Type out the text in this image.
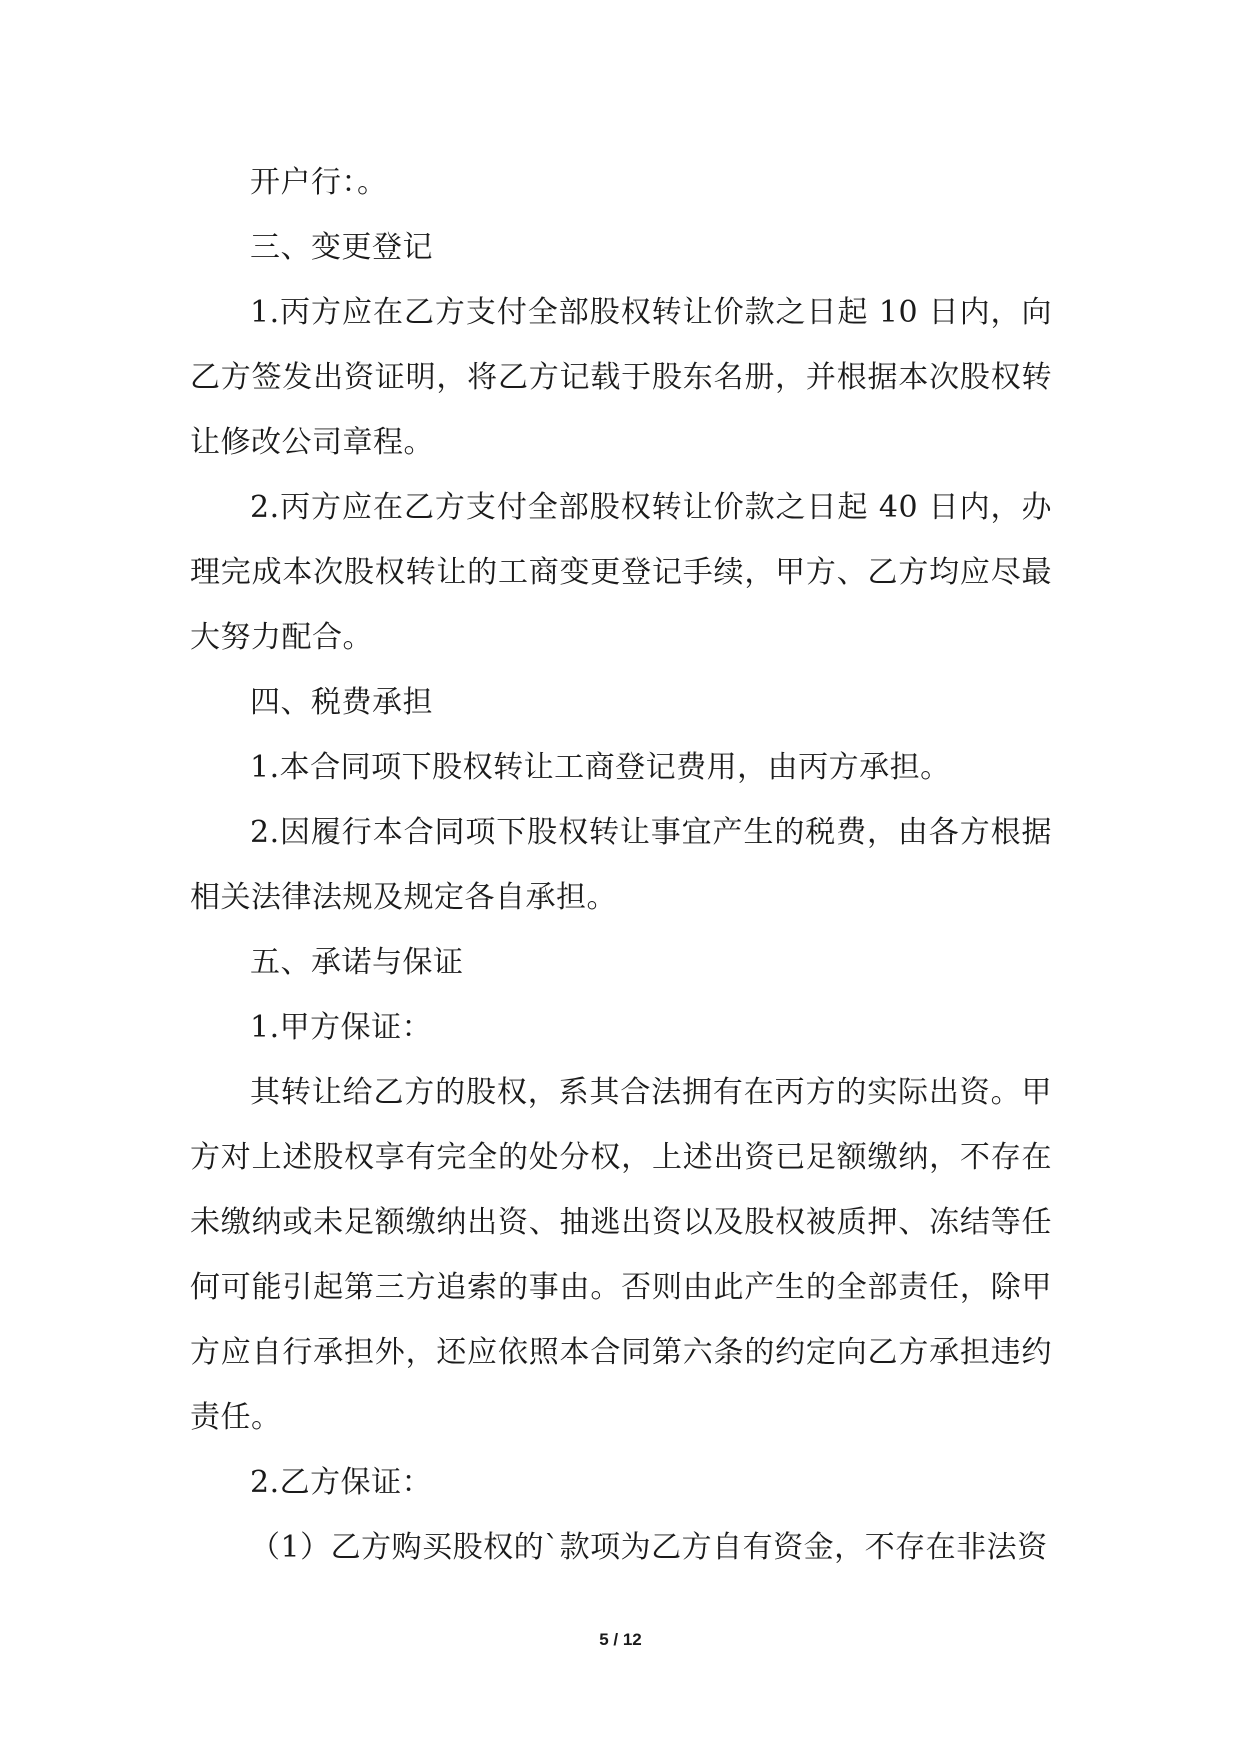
开户行：。

三、变更登记

1.丙方应在乙方支付全部股权转让价款之日起 10 日内，向乙方签发出资证明，将乙方记载于股东名册，并根据本次股权转让修改公司章程。

2.丙方应在乙方支付全部股权转让价款之日起 40 日内，办理完成本次股权转让的工商变更登记手续，甲方、乙方均应尽最大努力配合。

四、税费承担

1.本合同项下股权转让工商登记费用，由丙方承担。

2.因履行本合同项下股权转让事宜产生的税费，由各方根据相关法律法规及规定各自承担。

五、承诺与保证

1.甲方保证：

其转让给乙方的股权，系其合法拥有在丙方的实际出资。甲方对上述股权享有完全的处分权，上述出资已足额缴纳，不存在未缴纳或未足额缴纳出资、抽逃出资以及股权被质押、冻结等任何可能引起第三方追索的事由。否则由此产生的全部责任，除甲方应自行承担外，还应依照本合同第六条的约定向乙方承担违约责任。

2.乙方保证：

（1）乙方购买股权的`款项为乙方自有资金，不存在非法资

5 / 12
